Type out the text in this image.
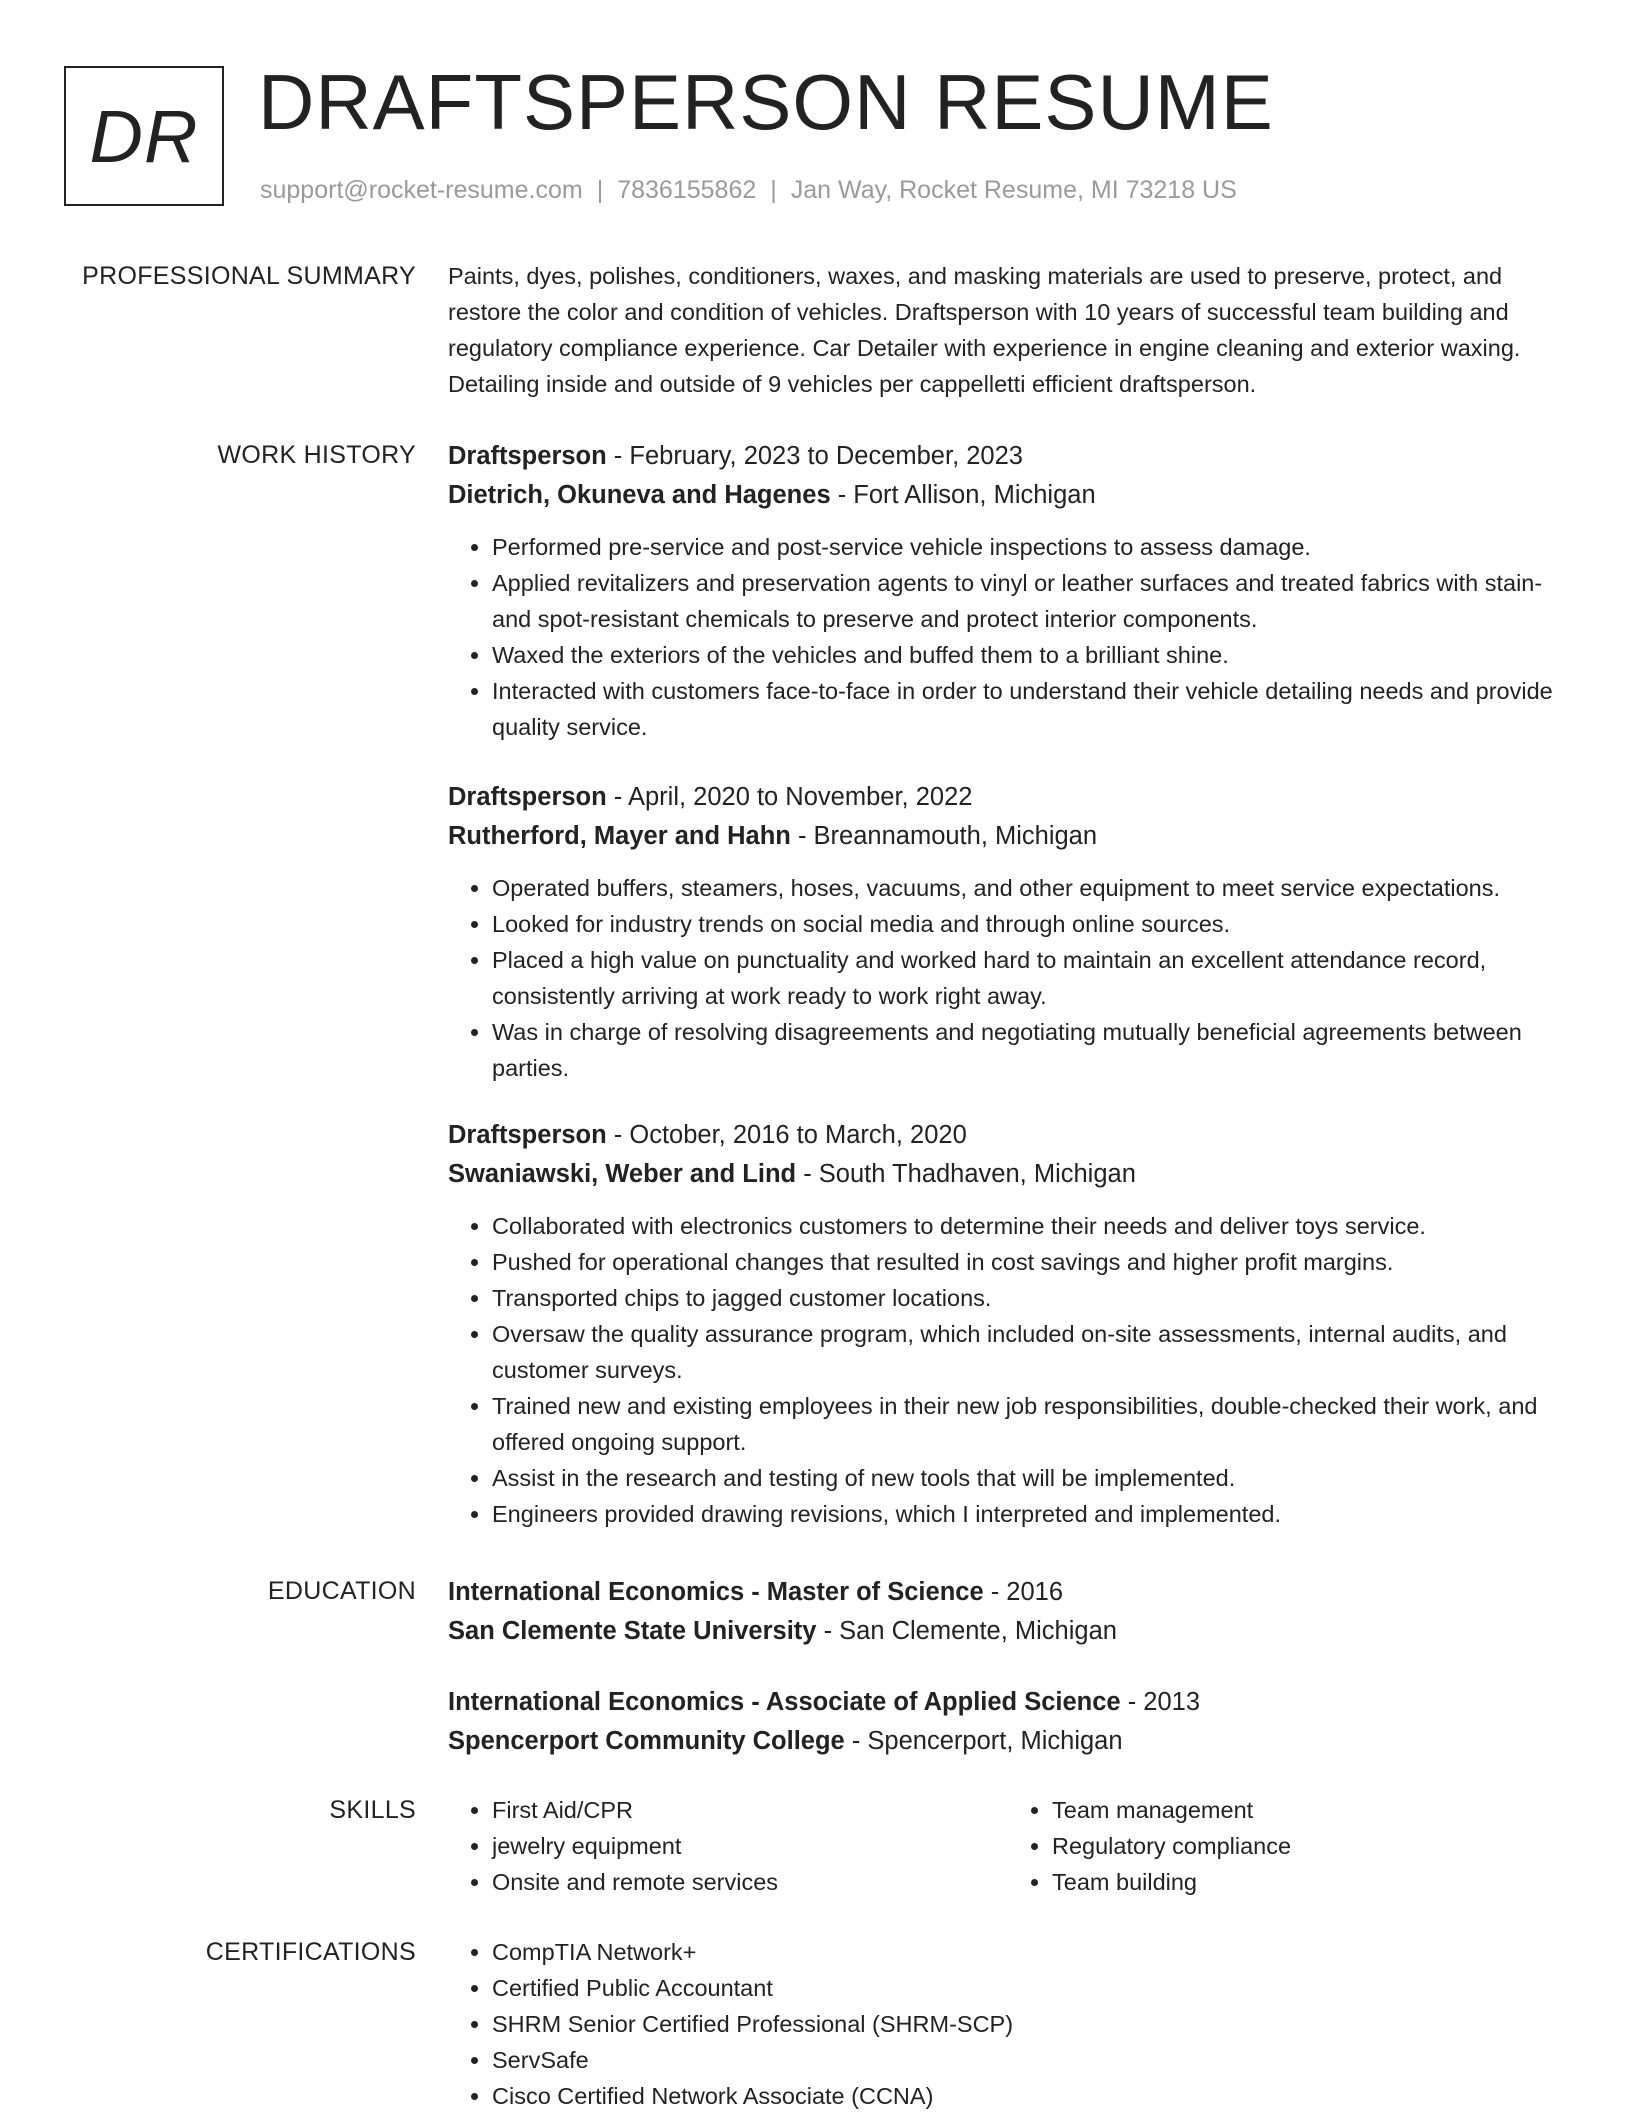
DR DRAFTSPERSON RESUME
support@rocket-resume.com | 7836155862 | Jan Way, Rocket Resume, MI 73218 US
PROFESSIONAL SUMMARY Paints, dyes, polishes, conditioners, waxes, and masking materials are used to preserve, protect, and restore the color and condition of vehicles. Draftsperson with 10 years of successful team building and regulatory compliance experience. Car Detailer with experience in engine cleaning and exterior waxing. Detailing inside and outside of 9 vehicles per cappelletti efficient draftsperson.

WORK HISTORY Draftsperson - February, 2023 to December, 2023
Dietrich, Okuneva and Hagenes - Fort Allison, Michigan
• Performed pre-service and post-service vehicle inspections to assess damage.
• Applied revitalizers and preservation agents to vinyl or leather surfaces and treated fabrics with stain- and spot-resistant chemicals to preserve and protect interior components.
• Waxed the exteriors of the vehicles and buffed them to a brilliant shine.
• Interacted with customers face-to-face in order to understand their vehicle detailing needs and provide quality service.
Draftsperson - April, 2020 to November, 2022
Rutherford, Mayer and Hahn - Breannamouth, Michigan
• Operated buffers, steamers, hoses, vacuums, and other equipment to meet service expectations.
• Looked for industry trends on social media and through online sources.
• Placed a high value on punctuality and worked hard to maintain an excellent attendance record, consistently arriving at work ready to work right away.
• Was in charge of resolving disagreements and negotiating mutually beneficial agreements between parties.
Draftsperson - October, 2016 to March, 2020
Swaniawski, Weber and Lind - South Thadhaven, Michigan
• Collaborated with electronics customers to determine their needs and deliver toys service.
• Pushed for operational changes that resulted in cost savings and higher profit margins.
• Transported chips to jagged customer locations.
• Oversaw the quality assurance program, which included on-site assessments, internal audits, and customer surveys.
• Trained new and existing employees in their new job responsibilities, double-checked their work, and offered ongoing support.
• Assist in the research and testing of new tools that will be implemented.
• Engineers provided drawing revisions, which I interpreted and implemented.
EDUCATION International Economics - Master of Science - 2016
San Clemente State University - San Clemente, Michigan
International Economics - Associate of Applied Science - 2013
Spencerport Community College - Spencerport, Michigan
SKILLS	• First Aid/CPR
• jewelry equipment
• Onsite and remote services
• Team management
• Regulatory compliance
• Team building
CERTIFICATIONS	• CompTIA Network+
• Certified Public Accountant
• SHRM Senior Certified Professional (SHRM-SCP)
• ServSafe
• Cisco Certified Network Associate (CCNA)
